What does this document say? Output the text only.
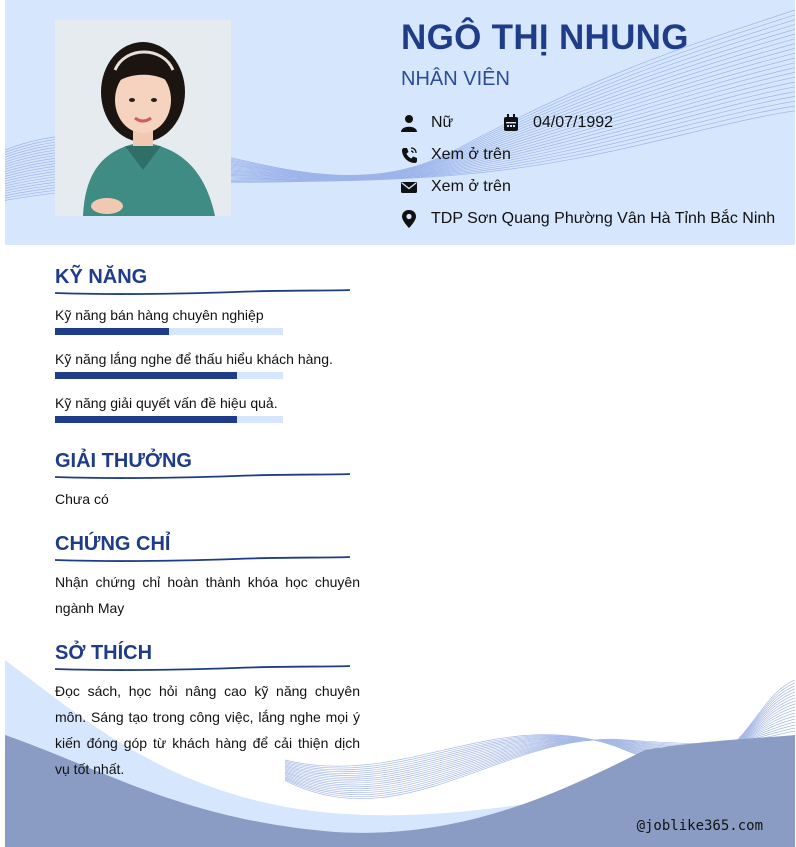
NGÔ THỊ NHUNG
NHÂN VIÊN
Nữ	04/07/1992
Xem ở trên
Xem ở trên
TDP Sơn Quang Phường Vân Hà Tỉnh Bắc Ninh
KỸ NĂNG
Kỹ năng bán hàng chuyên nghiệp
Kỹ năng lắng nghe để thấu hiểu khách hàng.
Kỹ năng giải quyết vấn đề hiệu quả.
GIẢI THƯỞNG
Chưa có
CHỨNG CHỈ
Nhận chứng chỉ hoàn thành khóa học chuyên ngành May
SỞ THÍCH
Đọc sách, học hỏi nâng cao kỹ năng chuyên môn. Sáng tạo trong công việc, lắng nghe mọi ý kiến đóng góp từ khách hàng để cải thiện dịch vụ tốt nhất.
@joblike365.com
